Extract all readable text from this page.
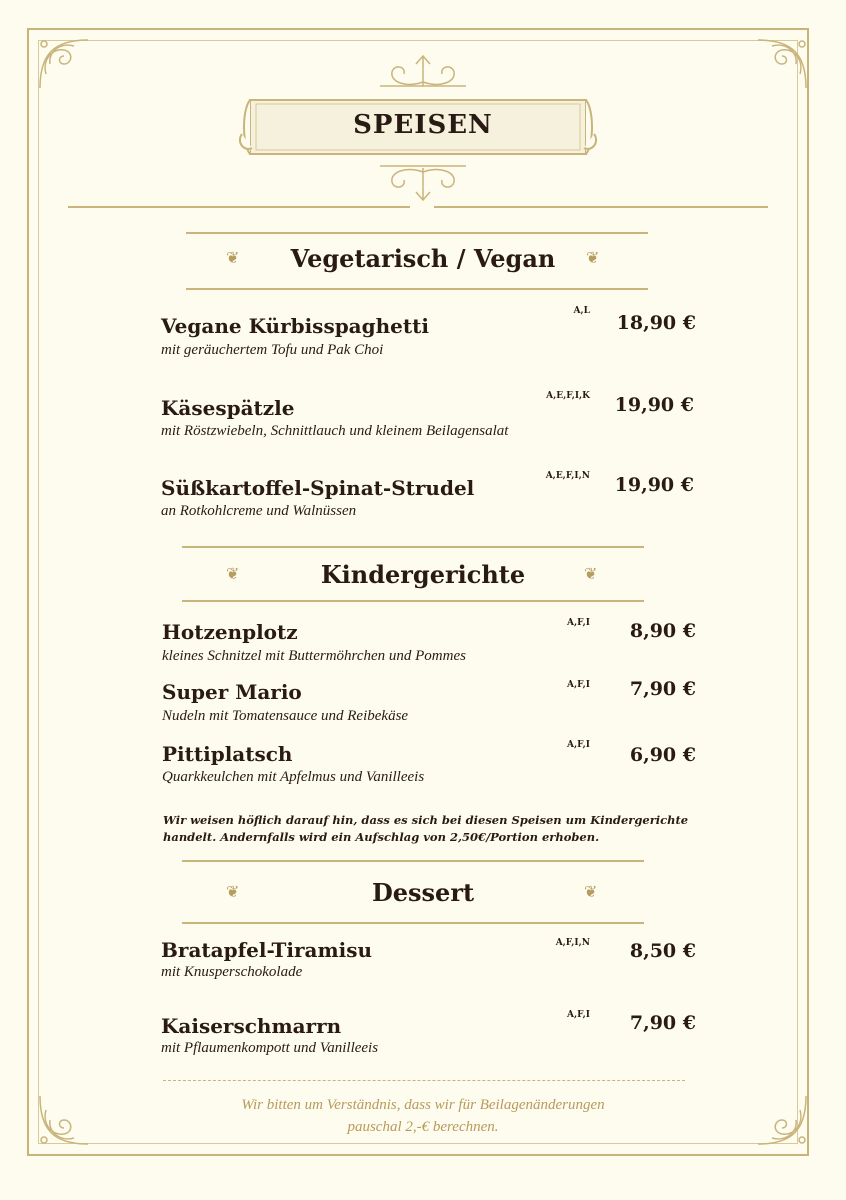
SPEISEN
❦	Vegetarisch / Vegan	❦
Vegane Kürbisspaghetti
mit geräuchertem Tofu und Pak Choi
A,L
18,90 €
Käsespätzle
mit Röstzwiebeln, Schnittlauch und kleinem Beilagensalat
A,E,F,I,K	19,90 €
Süßkartoffel-Spinat-Strudel
an Rotkohlcreme und Walnüssen
A,E,F,I,N	19,90 €
❦	Kindergerichte	❦
Hotzenplotz
kleines Schnitzel mit Buttermöhrchen und Pommes
A,F,I	8,90 €
Super Mario
Nudeln mit Tomatensauce und Reibekäse
A,F,I	7,90 €
Pittiplatsch
Quarkkeulchen mit Apfelmus und Vanilleeis
A,F,I	6,90 €
Wir weisen höflich darauf hin, dass es sich bei diesen Speisen um Kindergerichte
handelt. Andernfalls wird ein Aufschlag von 2,50€/Portion erhoben.
❦	Dessert	❦
Bratapfel-Tiramisu
mit Knusperschokolade
A,F,I,N	8,50 €
Kaiserschmarrn
mit Pflaumenkompott und Vanilleeis
A,F,I	7,90 €
Wir bitten um Verständnis, dass wir für Beilagenänderungen
pauschal 2,-€ berechnen.
